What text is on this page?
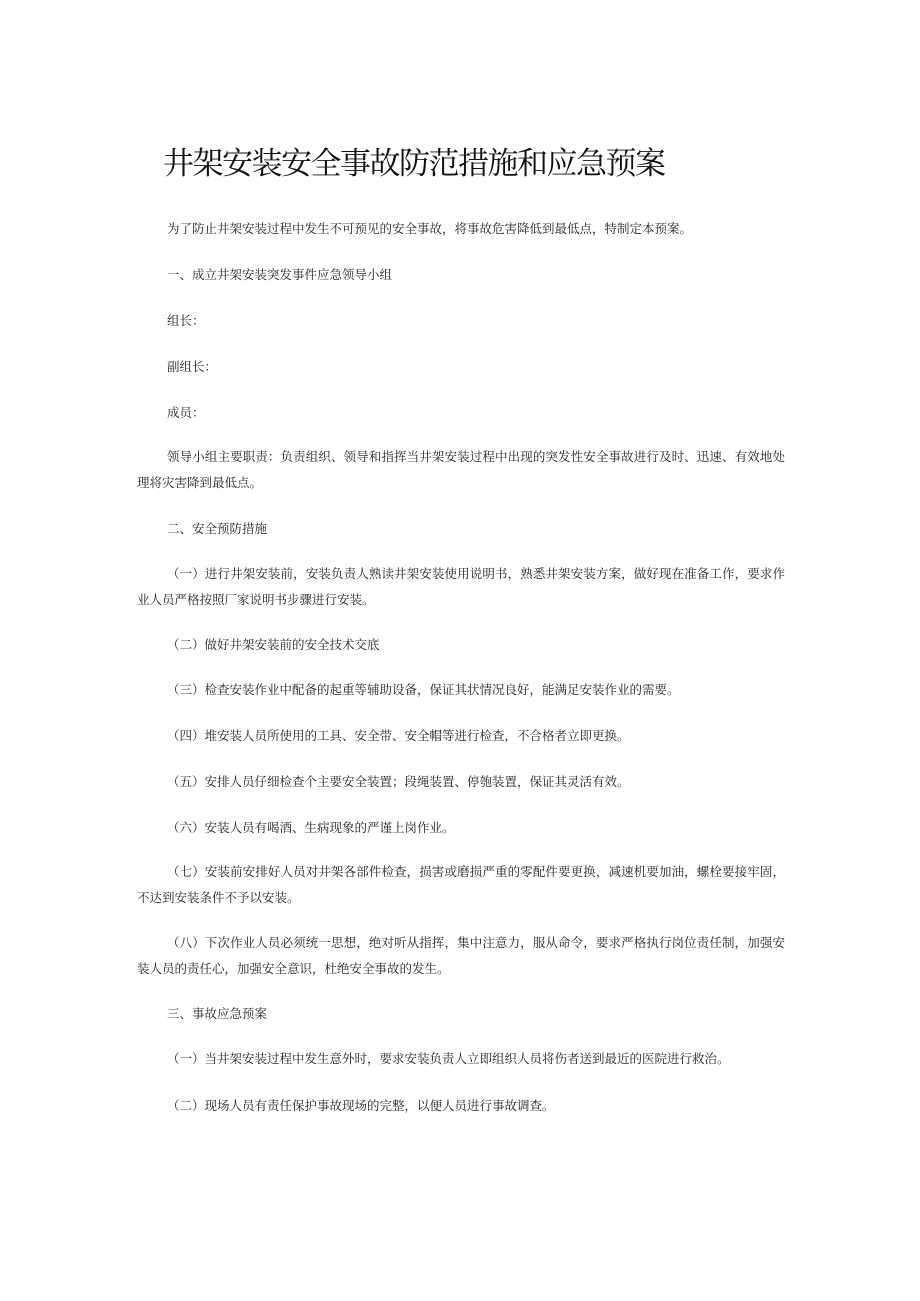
井架安装安全事故防范措施和应急预案

为了防止井架安装过程中发生不可预见的安全事故，将事故危害降低到最低点，特制定本预案。

一、成立井架安装突发事件应急领导小组

组长：

副组长：

成员：

领导小组主要职责：负责组织、领导和指挥当井架安装过程中出现的突发性安全事故进行及时、迅速、有效地处理将灾害降到最低点。

二、安全预防措施

（一）进行井架安装前，安装负责人熟读井架安装使用说明书，熟悉井架安装方案，做好现在准备工作，要求作业人员严格按照厂家说明书步骤进行安装。

（二）做好井架安装前的安全技术交底

（三）检查安装作业中配备的起重等辅助设备，保证其状情况良好，能满足安装作业的需要。

（四）堆安装人员所使用的工具、安全带、安全帽等进行检查，不合格者立即更换。

（五）安排人员仔细检查个主要安全装置；段绳装置、停匏装置，保证其灵活有效。

（六）安装人员有喝酒、生病现象的严谨上岗作业。

（七）安装前安排好人员对井架各部件检查，损害或磨损严重的零配件要更换，减速机要加油，螺栓要接牢固，不达到安装条件不予以安装。

（八）下次作业人员必须统一思想，绝对听从指挥，集中注意力，服从命令，要求严格执行岗位责任制，加强安装人员的责任心，加强安全意识，杜绝安全事故的发生。

三、事故应急预案

（一）当井架安装过程中发生意外时，要求安装负责人立即组织人员将伤者送到最近的医院进行救治。

（二）现场人员有责任保护事故现场的完整，以便人员进行事故调查。
